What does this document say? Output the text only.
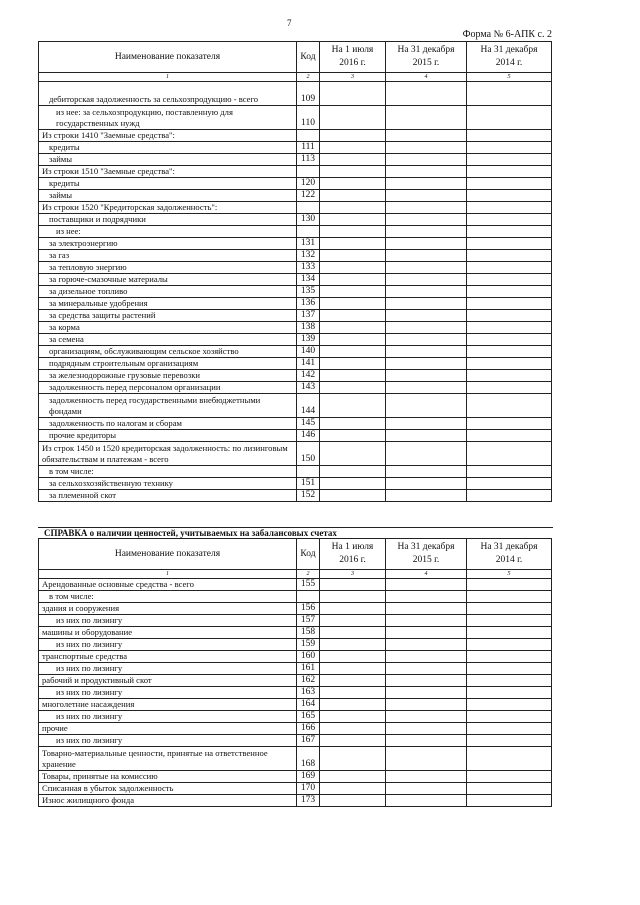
7
Форма № 6-АПК с. 2
Наименование показателя	Код	На 1 июля 2016 г.	На 31 декабря 2015 г.	На 31 декабря 2014 г.
1	2	3	4	5
дебиторская задолженность за сельхозпродукцию - всего	109			
из нее: за сельхозпродукцию, поставленную для государственных нужд	110			
Из строки 1410 "Заемные средства":				
кредиты	111			
займы	113			
Из строки 1510 "Заемные средства":				
кредиты	120			
займы	122			
Из строки 1520 "Кредиторская задолженность":				
поставщики и подрядчики	130			
из нее:				
за электроэнергию	131			
за газ	132			
за тепловую энергию	133			
за горюче-смазочные материалы	134			
за дизельное топливо	135			
за минеральные удобрения	136			
за средства защиты растений	137			
за корма	138			
за семена	139			
организациям, обслуживающим сельское хозяйство	140			
подрядным строительным организациям	141			
за железнодорожные грузовые перевозки	142			
задолженность перед персоналом организации	143			
задолженность перед государственными внебюджетными фондами	144			
задолженность по налогам и сборам	145			
прочие кредиторы	146			
Из строк 1450 и 1520 кредиторская задолженность: по лизинговым обязательствам и платежам - всего	150			
в том числе:				
за сельхозхозяйственную технику	151			
за племенной скот	152			
СПРАВКА о наличии ценностей, учитываемых на забалансовых счетах
Наименование показателя	Код	На 1 июля 2016 г.	На 31 декабря 2015 г.	На 31 декабря 2014 г.
1	2	3	4	5
Арендованные основные средства - всего	155			
в том числе:				
здания и сооружения	156			
из них по лизингу	157			
машины и оборудование	158			
из них по лизингу	159			
транспортные средства	160			
из них по лизингу	161			
рабочий и продуктивный скот	162			
из них по лизингу	163			
многолетние насаждения	164			
из них по лизингу	165			
прочие	166			
из них по лизингу	167			
Товарно-материальные ценности, принятые на ответственное хранение	168			
Товары, принятые на комиссию	169			
Списанная в убыток задолженность	170			
Износ жилищного фонда	173			
